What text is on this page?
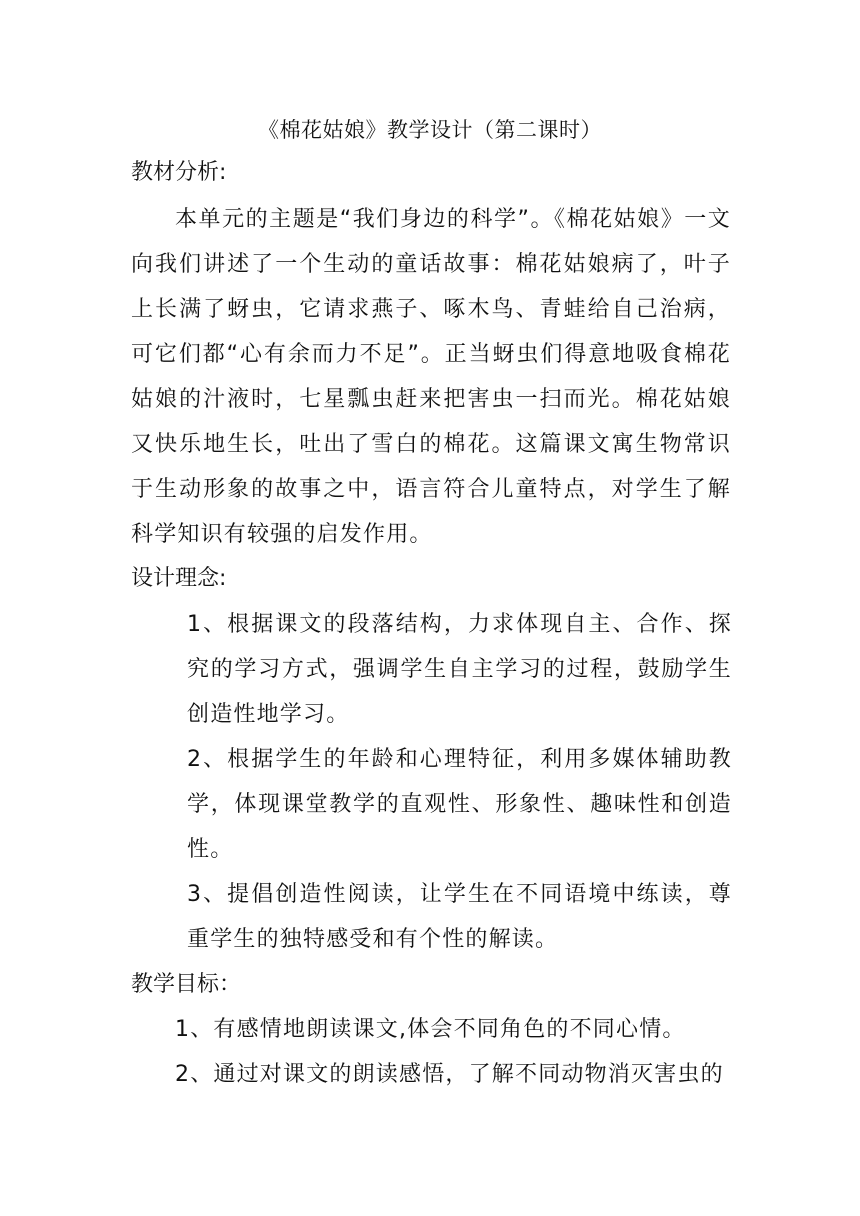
《棉花姑娘》教学设计（第二课时）
教材分析:
本单元的主题是“我们身边的科学”。《棉花姑娘》一文向我们讲述了一个生动的童话故事：棉花姑娘病了，叶子上长满了蚜虫，它请求燕子、啄木鸟、青蛙给自己治病，可它们都“心有余而力不足”。正当蚜虫们得意地吸食棉花姑娘的汁液时，七星瓢虫赶来把害虫一扫而光。棉花姑娘又快乐地生长，吐出了雪白的棉花。这篇课文寓生物常识于生动形象的故事之中，语言符合儿童特点，对学生了解科学知识有较强的启发作用。
设计理念:
1、根据课文的段落结构，力求体现自主、合作、探究的学习方式，强调学生自主学习的过程，鼓励学生创造性地学习。
2、根据学生的年龄和心理特征，利用多媒体辅助教学，体现课堂教学的直观性、形象性、趣味性和创造性。
3、提倡创造性阅读，让学生在不同语境中练读，尊重学生的独特感受和有个性的解读。
教学目标：
1、有感情地朗读课文,体会不同角色的不同心情。
2、通过对课文的朗读感悟，了解不同动物消灭害虫的
